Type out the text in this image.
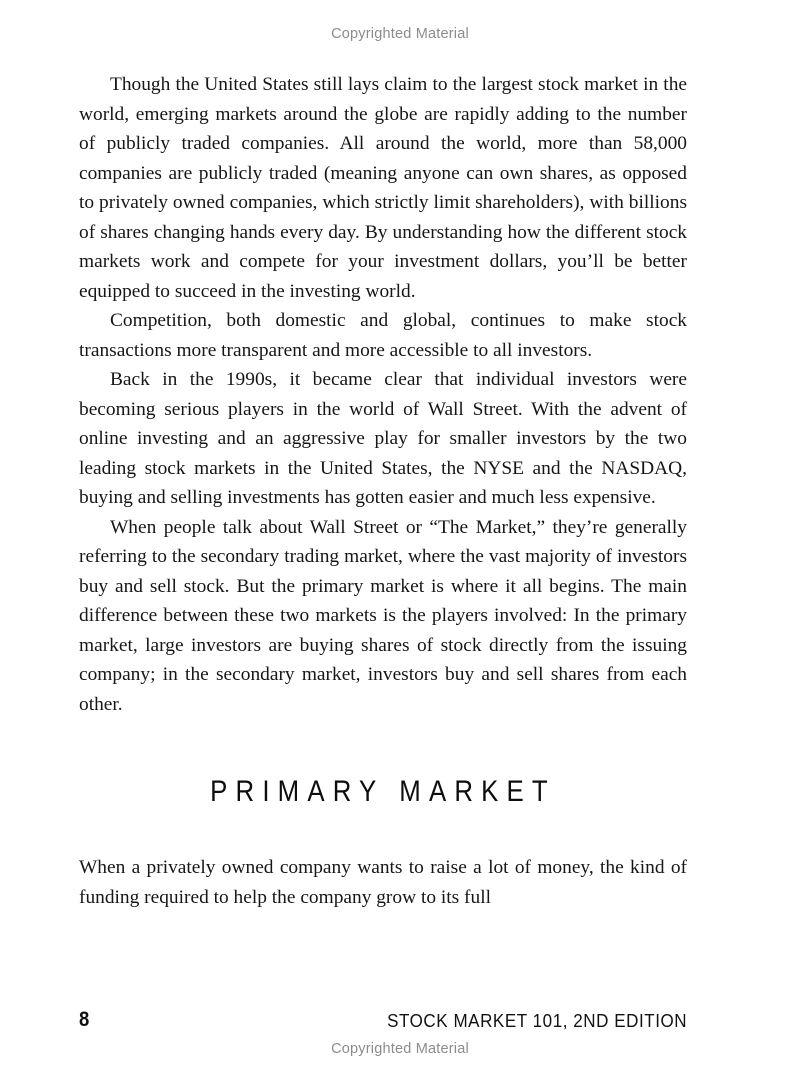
Copyrighted Material

Though the United States still lays claim to the largest stock market in the world, emerging markets around the globe are rapidly adding to the number of publicly traded companies. All around the world, more than 58,000 companies are publicly traded (meaning anyone can own shares, as opposed to privately owned companies, which strictly limit shareholders), with billions of shares changing hands every day. By understanding how the different stock markets work and compete for your investment dollars, you’ll be better equipped to succeed in the investing world.

Competition, both domestic and global, continues to make stock transactions more transparent and more accessible to all investors.

Back in the 1990s, it became clear that individual investors were becoming serious players in the world of Wall Street. With the advent of online investing and an aggressive play for smaller investors by the two leading stock markets in the United States, the NYSE and the NASDAQ, buying and selling investments has gotten easier and much less expensive.

When people talk about Wall Street or “The Market,” they’re generally referring to the secondary trading market, where the vast majority of investors buy and sell stock. But the primary market is where it all begins. The main difference between these two markets is the players involved: In the primary market, large investors are buying shares of stock directly from the issuing company; in the secondary market, investors buy and sell shares from each other.

PRIMARY MARKET

When a privately owned company wants to raise a lot of money, the kind of funding required to help the company grow to its full

8	STOCK MARKET 101, 2ND EDITION
Copyrighted Material
